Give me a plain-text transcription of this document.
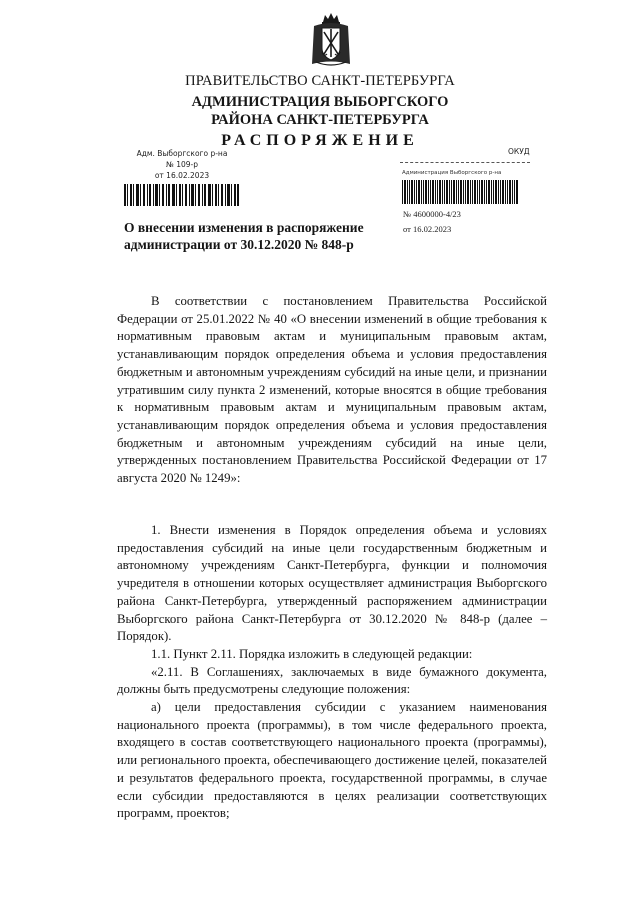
ПРАВИТЕЛЬСТВО САНКТ-ПЕТЕРБУРГА
АДМИНИСТРАЦИЯ ВЫБОРГСКОГО
РАЙОНА САНКТ-ПЕТЕРБУРГА
РАСПОРЯЖЕНИЕ
Адм. Выборгского р-на
№ 109-р
от 16.02.2023
ОКУД
Администрация Выборгского р-на
№ 4600000-4/23
от 16.02.2023
О внесении изменения в распоряжение
администрации от 30.12.2020 № 848-р

В соответствии с постановлением Правительства Российской Федерации от 25.01.2022 № 40 «О внесении изменений в общие требования к нормативным правовым актам и муниципальным правовым актам, устанавливающим порядок определения объема и условия предоставления бюджетным и автономным учреждениям субсидий на иные цели, и признании утратившим силу пункта 2 изменений, которые вносятся в общие требования к нормативным правовым актам и муниципальным правовым актам, устанавливающим порядок определения объема и условия предоставления бюджетным и автономным учреждениям субсидий на иные цели, утвержденных постановлением Правительства Российской Федерации от 17 августа 2020 № 1249»:

1. Внести изменения в Порядок определения объема и условиях предоставления субсидий на иные цели государственным бюджетным и автономному учреждениям Санкт-Петербурга, функции и полномочия учредителя в отношении которых осуществляет администрация Выборгского района Санкт-Петербурга, утвержденный распоряжением администрации Выборгского района Санкт-Петербурга от 30.12.2020 № 848-р (далее – Порядок).

1.1. Пункт 2.11. Порядка изложить в следующей редакции:

«2.11. В Соглашениях, заключаемых в виде бумажного документа, должны быть предусмотрены следующие положения:

а) цели предоставления субсидии с указанием наименования национального проекта (программы), в том числе федерального проекта, входящего в состав соответствующего национального проекта (программы), или регионального проекта, обеспечивающего достижение целей, показателей и результатов федерального проекта, государственной программы, в случае если субсидии предоставляются в целях реализации соответствующих программ, проектов;
